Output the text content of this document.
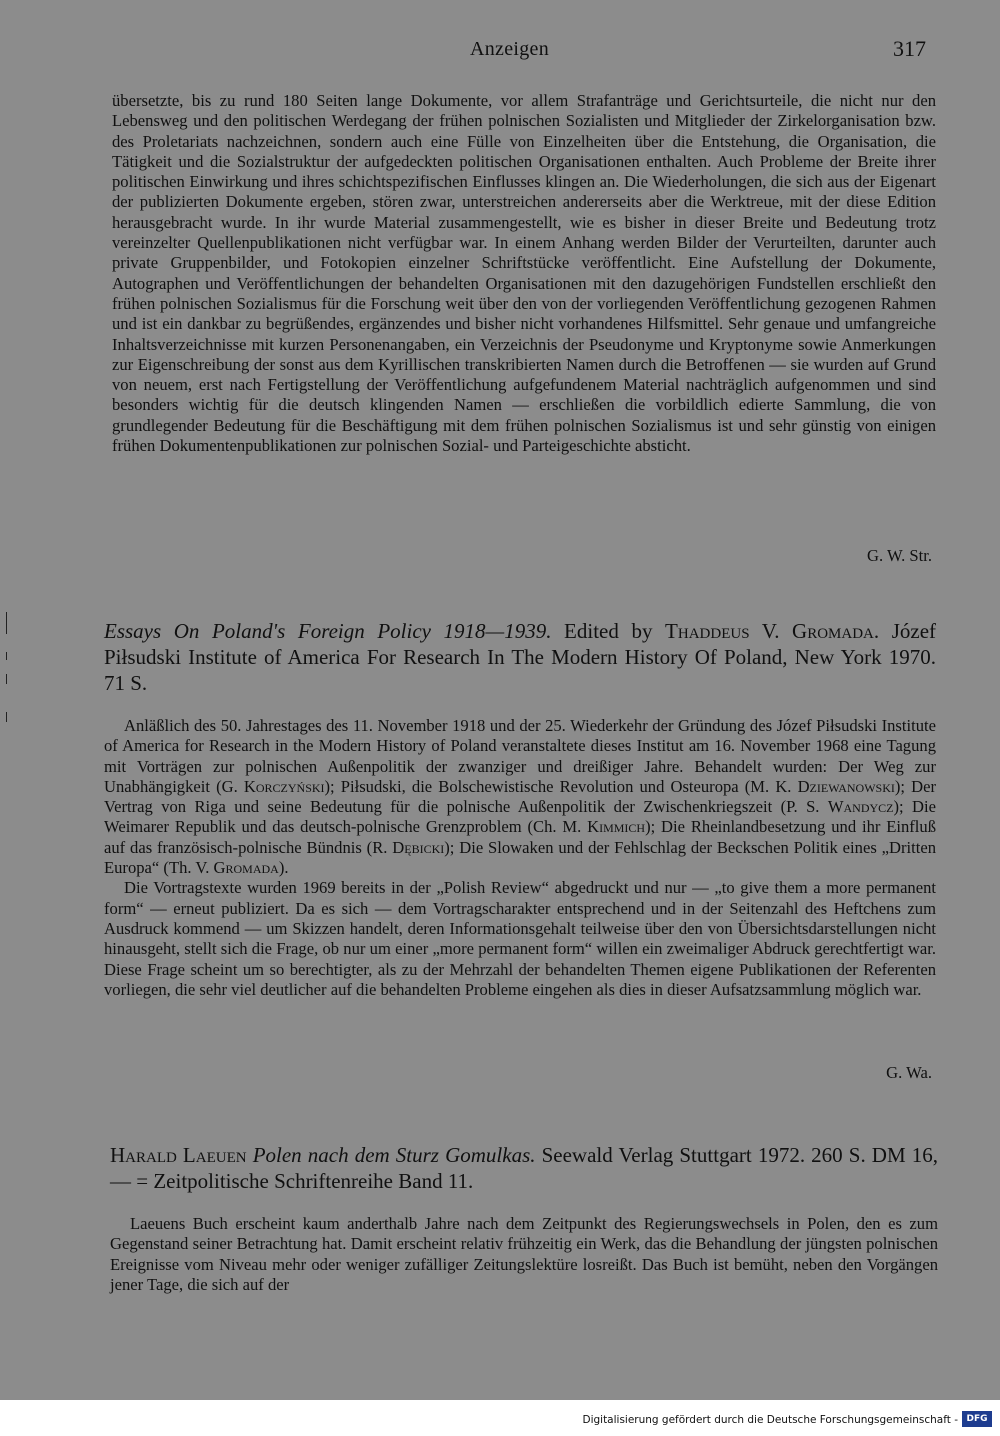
Anzeigen	317

übersetzte, bis zu rund 180 Seiten lange Dokumente, vor allem Strafanträge und Gerichtsurteile, die nicht nur den Lebensweg und den politischen Werdegang der frühen polnischen Sozialisten und Mitglieder der Zirkelorganisation bzw. des Proletariats nachzeichnen, sondern auch eine Fülle von Einzelheiten über die Entstehung, die Organisation, die Tätigkeit und die Sozialstruktur der aufgedeckten politischen Organisationen enthalten. Auch Probleme der Breite ihrer politischen Einwirkung und ihres schichtspezifischen Einflusses klingen an. Die Wiederholungen, die sich aus der Eigenart der publizierten Dokumente ergeben, stören zwar, unterstreichen andererseits aber die Werktreue, mit der diese Edition herausgebracht wurde. In ihr wurde Material zusammengestellt, wie es bisher in dieser Breite und Bedeutung trotz vereinzelter Quellenpublikationen nicht verfügbar war. In einem Anhang werden Bilder der Verurteilten, darunter auch private Gruppenbilder, und Fotokopien einzelner Schriftstücke veröffentlicht. Eine Aufstellung der Dokumente, Autographen und Veröffentlichungen der behandelten Organisationen mit den dazugehörigen Fundstellen erschließt den frühen polnischen Sozialismus für die Forschung weit über den von der vorliegenden Veröffentlichung gezogenen Rahmen und ist ein dankbar zu begrüßendes, ergänzendes und bisher nicht vorhandenes Hilfsmittel. Sehr genaue und umfangreiche Inhaltsverzeichnisse mit kurzen Personenangaben, ein Verzeichnis der Pseudonyme und Kryptonyme sowie Anmerkungen zur Eigenschreibung der sonst aus dem Kyrillischen transkribierten Namen durch die Betroffenen — sie wurden auf Grund von neuem, erst nach Fertigstellung der Veröffentlichung aufgefundenem Material nachträglich aufgenommen und sind besonders wichtig für die deutsch klingenden Namen — erschließen die vorbildlich edierte Sammlung, die von grundlegender Bedeutung für die Beschäftigung mit dem frühen polnischen Sozialismus ist und sehr günstig von einigen frühen Dokumentenpublikationen zur polnischen Sozial- und Parteigeschichte absticht.

G. W. Str.
Essays On Poland's Foreign Policy 1918—1939. Edited by Thaddeus V. Gromada. Józef Piłsudski Institute of America For Research In The Modern History Of Poland, New York 1970. 71 S.

Anläßlich des 50. Jahrestages des 11. November 1918 und der 25. Wiederkehr der Gründung des Józef Piłsudski Institute of America for Research in the Modern History of Poland veranstaltete dieses Institut am 16. November 1968 eine Tagung mit Vorträgen zur polnischen Außenpolitik der zwanziger und dreißiger Jahre. Behandelt wurden: Der Weg zur Unabhängigkeit (G. Korczyński); Piłsudski, die Bolschewistische Revolution und Osteuropa (M. K. Dziewanowski); Der Vertrag von Riga und seine Bedeutung für die polnische Außenpolitik der Zwischenkriegszeit (P. S. Wandycz); Die Weimarer Republik und das deutsch-polnische Grenzproblem (Ch. M. Kimmich); Die Rheinlandbesetzung und ihr Einfluß auf das französisch-polnische Bündnis (R. Dębicki); Die Slowaken und der Fehlschlag der Beckschen Politik eines „Dritten Europa“ (Th. V. Gromada).

Die Vortragstexte wurden 1969 bereits in der „Polish Review“ abgedruckt und nur — „to give them a more permanent form“ — erneut publiziert. Da es sich — dem Vortragscharakter entsprechend und in der Seitenzahl des Heftchens zum Ausdruck kommend — um Skizzen handelt, deren Informationsgehalt teilweise über den von Übersichtsdarstellungen nicht hinausgeht, stellt sich die Frage, ob nur um einer „more permanent form“ willen ein zweimaliger Abdruck gerechtfertigt war. Diese Frage scheint um so berechtigter, als zu der Mehrzahl der behandelten Themen eigene Publikationen der Referenten vorliegen, die sehr viel deutlicher auf die behandelten Probleme eingehen als dies in dieser Aufsatzsammlung möglich war.

G. Wa.
Harald Laeuen Polen nach dem Sturz Gomulkas. Seewald Verlag Stuttgart 1972. 260 S. DM 16,— = Zeitpolitische Schriftenreihe Band 11.

Laeuens Buch erscheint kaum anderthalb Jahre nach dem Zeitpunkt des Regierungswechsels in Polen, den es zum Gegenstand seiner Betrachtung hat. Damit erscheint relativ frühzeitig ein Werk, das die Behandlung der jüngsten polnischen Ereignisse vom Niveau mehr oder weniger zufälliger Zeitungslektüre losreißt. Das Buch ist bemüht, neben den Vorgängen jener Tage, die sich auf der

Digitalisierung gefördert durch die Deutsche Forschungsgemeinschaft - DFG
